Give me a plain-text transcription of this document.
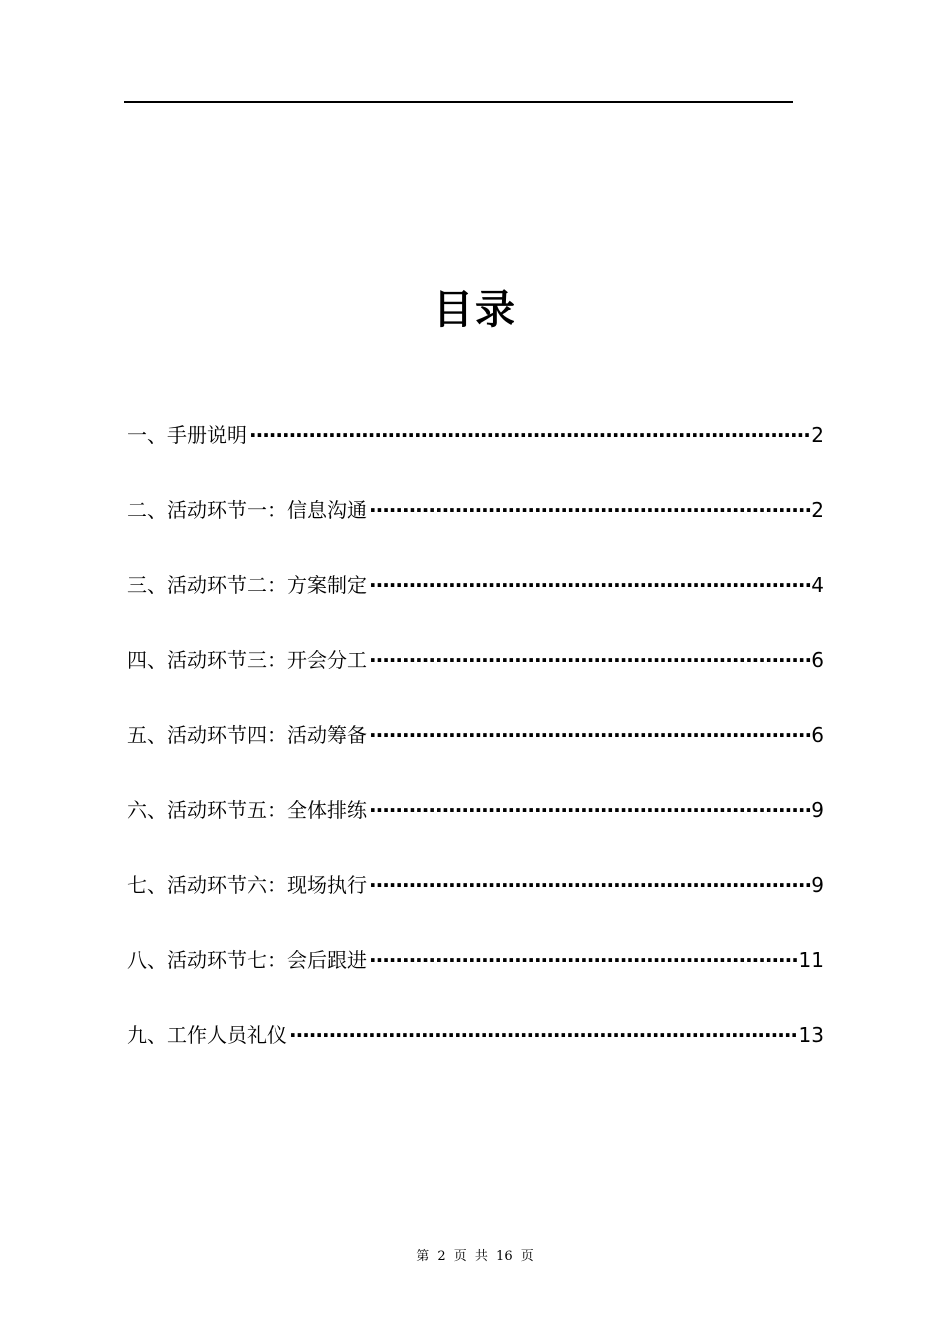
目录
一、手册说明 ·····	2
二、活动环节一：信息沟通 ·····	2
三、活动环节二：方案制定 ·····	4
四、活动环节三：开会分工 ·····	6
五、活动环节四：活动筹备 ·····	6
六、活动环节五：全体排练 ·····	9
七、活动环节六：现场执行 ·····	9
八、活动环节七：会后跟进 ·····	11
九、工作人员礼仪 ·····	13
第 2 页 共 16 页
